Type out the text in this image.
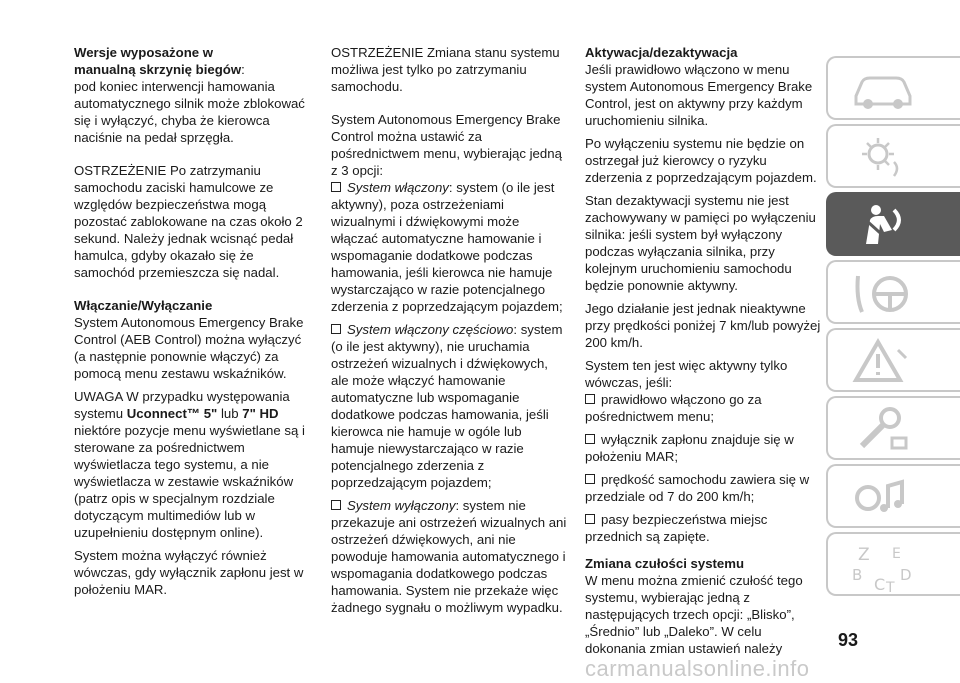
Wersje wyposażone w
manualną skrzynię biegów:

pod koniec interwencji hamowania automatycznego silnik może zblokować się i wyłączyć, chyba że kierowca naciśnie na pedał sprzęgła.

OSTRZEŻENIE Po zatrzymaniu samochodu zaciski hamulcowe ze względów bezpieczeństwa mogą pozostać zablokowane na czas około 2 sekund. Należy jednak wcisnąć pedał hamulca, gdyby okazało się że samochód przemieszcza się nadal.

Włączanie/Wyłączanie

System Autonomous Emergency Brake Control (AEB Control) można wyłączyć (a następnie ponownie włączyć) za pomocą menu zestawu wskaźników.

UWAGA W przypadku występowania systemu Uconnect™ 5" lub 7" HD niektóre pozycje menu wyświetlane są i sterowane za pośrednictwem wyświetlacza tego systemu, a nie wyświetlacza w zestawie wskaźników (patrz opis w specjalnym rozdziale dotyczącym multimediów lub w uzupełnieniu dostępnym online).

System można wyłączyć również wówczas, gdy wyłącznik zapłonu jest w położeniu MAR.

OSTRZEŻENIE Zmiana stanu systemu możliwa jest tylko po zatrzymaniu samochodu.

System Autonomous Emergency Brake Control można ustawić za pośrednictwem menu, wybierając jedną z 3 opcji:

System włączony: system (o ile jest aktywny), poza ostrzeżeniami wizualnymi i dźwiękowymi może włączać automatyczne hamowanie i wspomaganie dodatkowe podczas hamowania, jeśli kierowca nie hamuje wystarczająco w razie potencjalnego zderzenia z poprzedzającym pojazdem;

System włączony częściowo: system (o ile jest aktywny), nie uruchamia ostrzeżeń wizualnych i dźwiękowych, ale może włączyć hamowanie automatyczne lub wspomaganie dodatkowe podczas hamowania, jeśli kierowca nie hamuje w ogóle lub hamuje niewystarczająco w razie potencjalnego zderzenia z poprzedzającym pojazdem;

System wyłączony: system nie przekazuje ani ostrzeżeń wizualnych ani ostrzeżeń dźwiękowych, ani nie powoduje hamowania automatycznego i wspomagania dodatkowego podczas hamowania. System nie przekaże więc żadnego sygnału o możliwym wypadku.

Aktywacja/dezaktywacja

Jeśli prawidłowo włączono w menu system Autonomous Emergency Brake Control, jest on aktywny przy każdym uruchomieniu silnika.

Po wyłączeniu systemu nie będzie on ostrzegał już kierowcy o ryzyku zderzenia z poprzedzającym pojazdem.

Stan dezaktywacji systemu nie jest zachowywany w pamięci po wyłączeniu silnika: jeśli system był wyłączony podczas wyłączania silnika, przy kolejnym uruchomieniu samochodu będzie ponownie aktywny.

Jego działanie jest jednak nieaktywne przy prędkości poniżej 7 km/lub powyżej 200 km/h.

System ten jest więc aktywny tylko wówczas, jeśli:

prawidłowo włączono go za pośrednictwem menu;

wyłącznik zapłonu znajduje się w położeniu MAR;

prędkość samochodu zawiera się w przedziale od 7 do 200 km/h;

pasy bezpieczeństwa miejsc przednich są zapięte.

Zmiana czułości systemu

W menu można zmienić czułość tego systemu, wybierając jedną z następujących trzech opcji: „Blisko”, „Średnio” lub „Daleko”. W celu dokonania zmian ustawień należy

Z E
B C T
D
93
carmanualsonline.info
